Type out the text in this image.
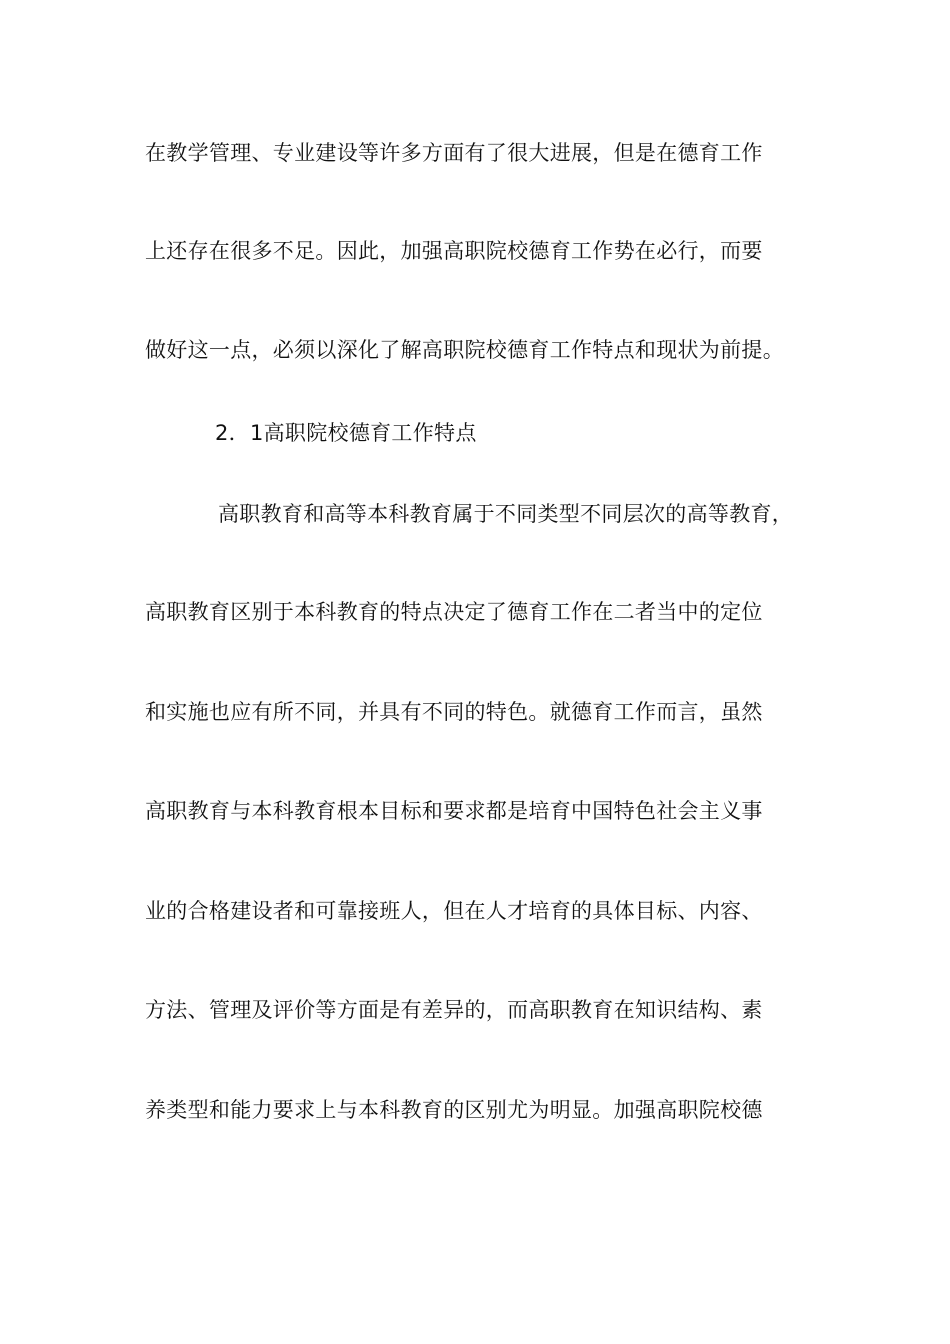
在教学管理、专业建设等许多方面有了很大进展，但是在德育工作
上还存在很多不足。因此，加强高职院校德育工作势在必行，而要
做好这一点，必须以深化了解高职院校德育工作特点和现状为前提。
2．1高职院校德育工作特点
高职教育和高等本科教育属于不同类型不同层次的高等教育，
高职教育区别于本科教育的特点决定了德育工作在二者当中的定位
和实施也应有所不同，并具有不同的特色。就德育工作而言，虽然
高职教育与本科教育根本目标和要求都是培育中国特色社会主义事
业的合格建设者和可靠接班人，但在人才培育的具体目标、内容、
方法、管理及评价等方面是有差异的，而高职教育在知识结构、素
养类型和能力要求上与本科教育的区别尤为明显。加强高职院校德
